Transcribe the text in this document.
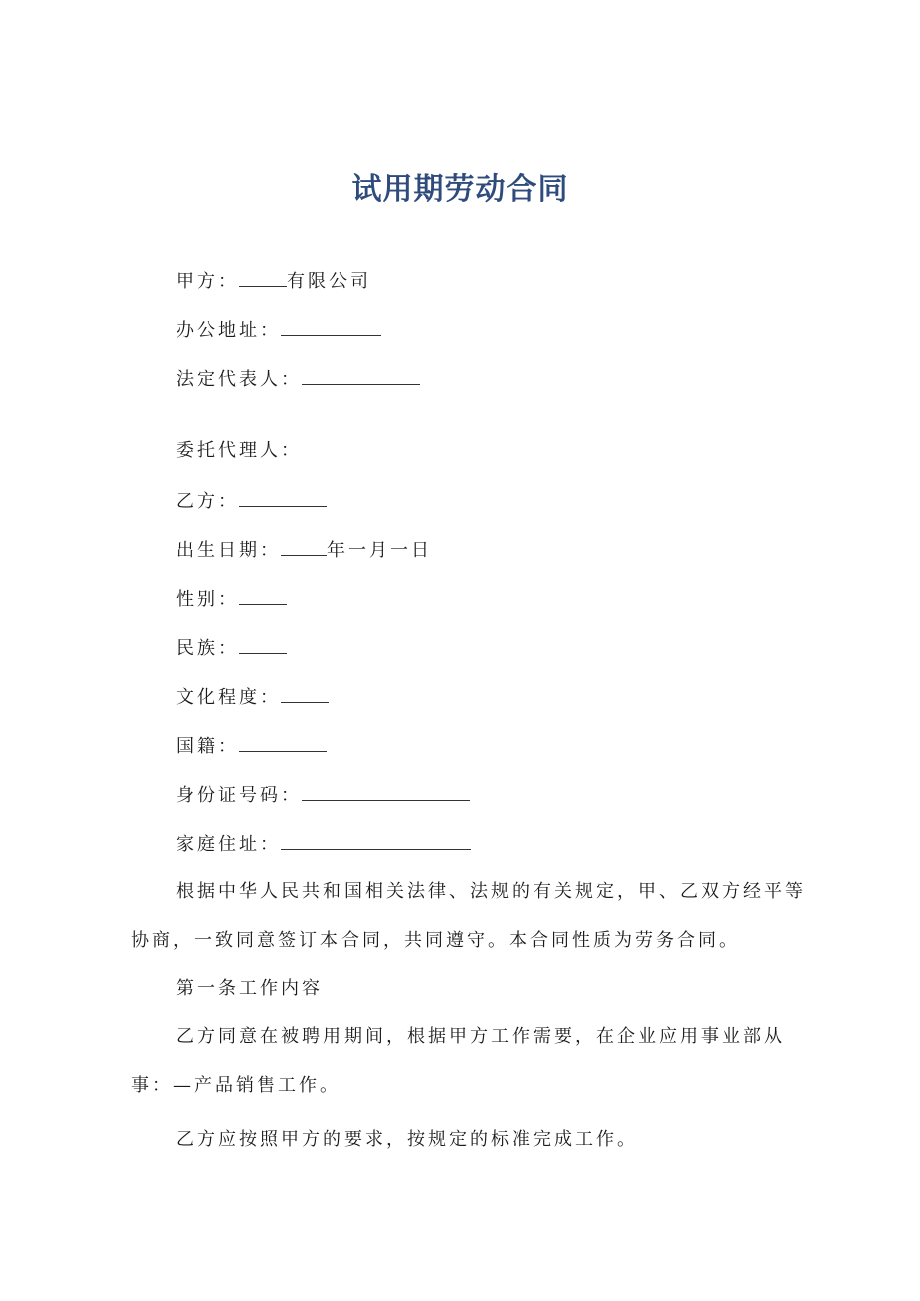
试用期劳动合同
甲方：	有限公司
办公地址：
法定代表人：
委托代理人：
乙方：
出生日期：	年一月一日
性别：
民族：
文化程度：
国籍：
身份证号码：
家庭住址：
根据中华人民共和国相关法律、法规的有关规定，甲、乙双方经平等
协商，一致同意签订本合同，共同遵守。本合同性质为劳务合同。
第一条工作内容
乙方同意在被聘用期间，根据甲方工作需要，在企业应用事业部从
事：—产品销售工作。
乙方应按照甲方的要求，按规定的标准完成工作。
